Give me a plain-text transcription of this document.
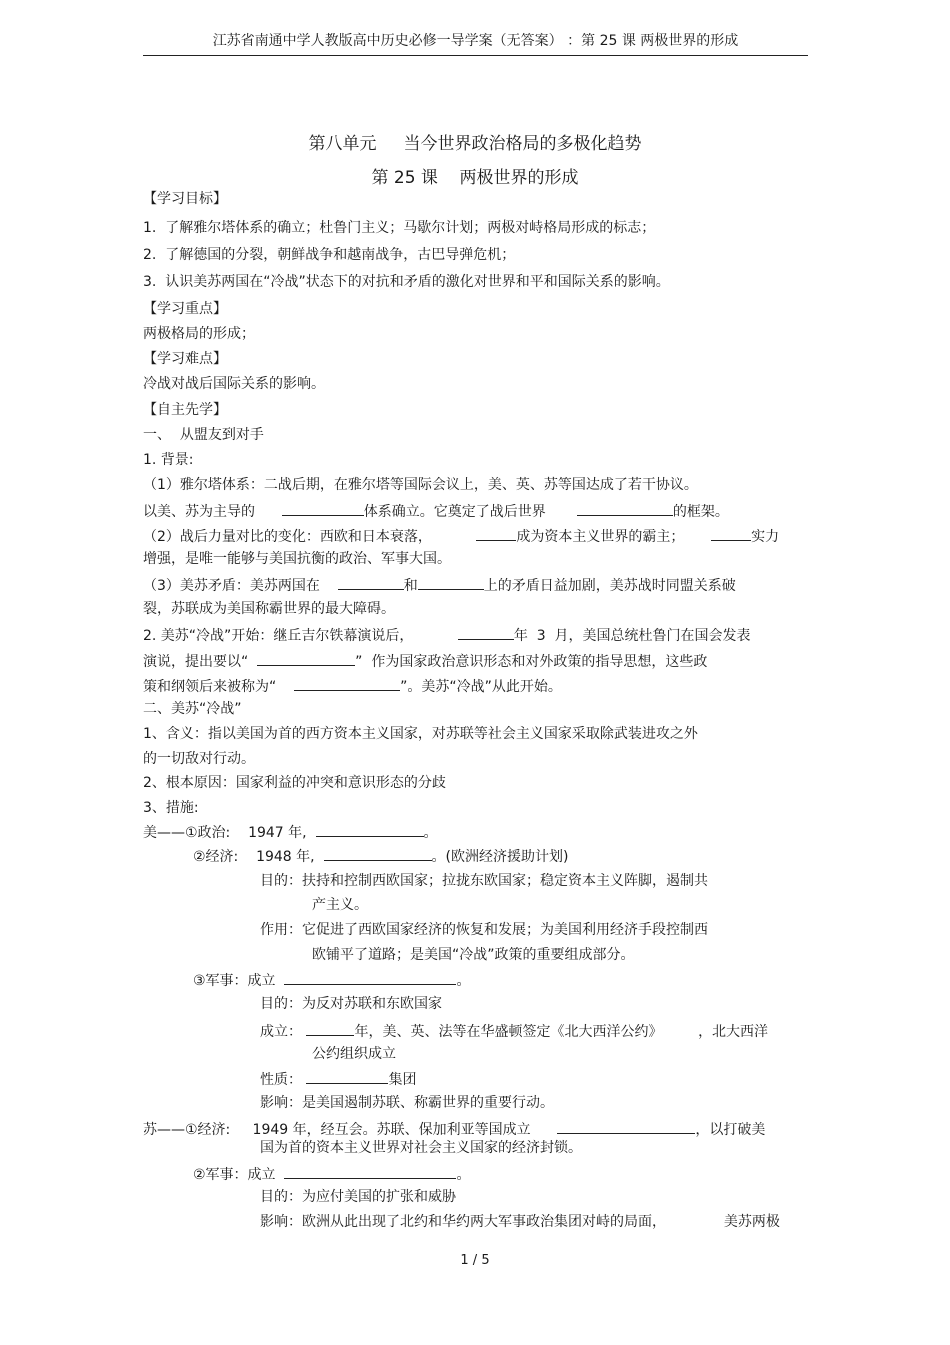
江苏省南通中学人教版高中历史必修一导学案（无答案） ：第 25 课 两极世界的形成
第八单元     当今世界政治格局的多极化趋势
第 25 课    两极世界的形成
【学习目标】
1.  了解雅尔塔体系的确立；杜鲁门主义；马歇尔计划；两极对峙格局形成的标志；
2.  了解德国的分裂，朝鲜战争和越南战争，古巴导弹危机；
3.  认识美苏两国在“冷战”状态下的对抗和矛盾的激化对世界和平和国际关系的影响。
【学习重点】
两极格局的形成；
【学习难点】
冷战对战后国际关系的影响。
【自主先学】
一、  从盟友到对手
1. 背景:
（1）雅尔塔体系：二战后期，在雅尔塔等国际会议上，美、英、苏等国达成了若干协议。
以美、苏为主导的	体系确立。它奠定了战后世界	的框架。
（2）战后力量对比的变化：西欧和日本衰落，	成为资本主义世界的霸主；	实力
增强，是唯一能够与美国抗衡的政治、军事大国。
（3）美苏矛盾：美苏两国在	和	上的矛盾日益加剧，美苏战时同盟关系破
裂，苏联成为美国称霸世界的最大障碍。
2. 美苏“冷战”开始：继丘吉尔铁幕演说后，	年  3  月，美国总统杜鲁门在国会发表
演说，提出要以“	”  作为国家政治意识形态和对外政策的指导思想，这些政
策和纲领后来被称为“	”。美苏“冷战”从此开始。
二、美苏“冷战”
1、含义：指以美国为首的西方资本主义国家，对苏联等社会主义国家采取除武装进攻之外
的一切敌对行动。
2、根本原因：国家利益的冲突和意识形态的分歧
3、措施:
美——①政治:    1947 年,	。
②经济:    1948 年,	。(欧洲经济援助计划)
目的：扶持和控制西欧国家；拉拢东欧国家；稳定资本主义阵脚，遏制共
产主义。
作用：它促进了西欧国家经济的恢复和发展；为美国利用经济手段控制西
欧铺平了道路；是美国“冷战”政策的重要组成部分。
③军事：成立	。
目的：为反对苏联和东欧国家
成立：	年，美、英、法等在华盛顿签定《北大西洋公约》	，北大西洋
公约组织成立
性质：	集团
影响：是美国遏制苏联、称霸世界的重要行动。
苏——①经济: 1949 年，经互会。苏联、保加利亚等国成立	，以打破美
国为首的资本主义世界对社会主义国家的经济封锁。
②军事：成立	。
目的：为应付美国的扩张和威胁
影响：欧洲从此出现了北约和华约两大军事政治集团对峙的局面，	美苏两极
1 / 5
